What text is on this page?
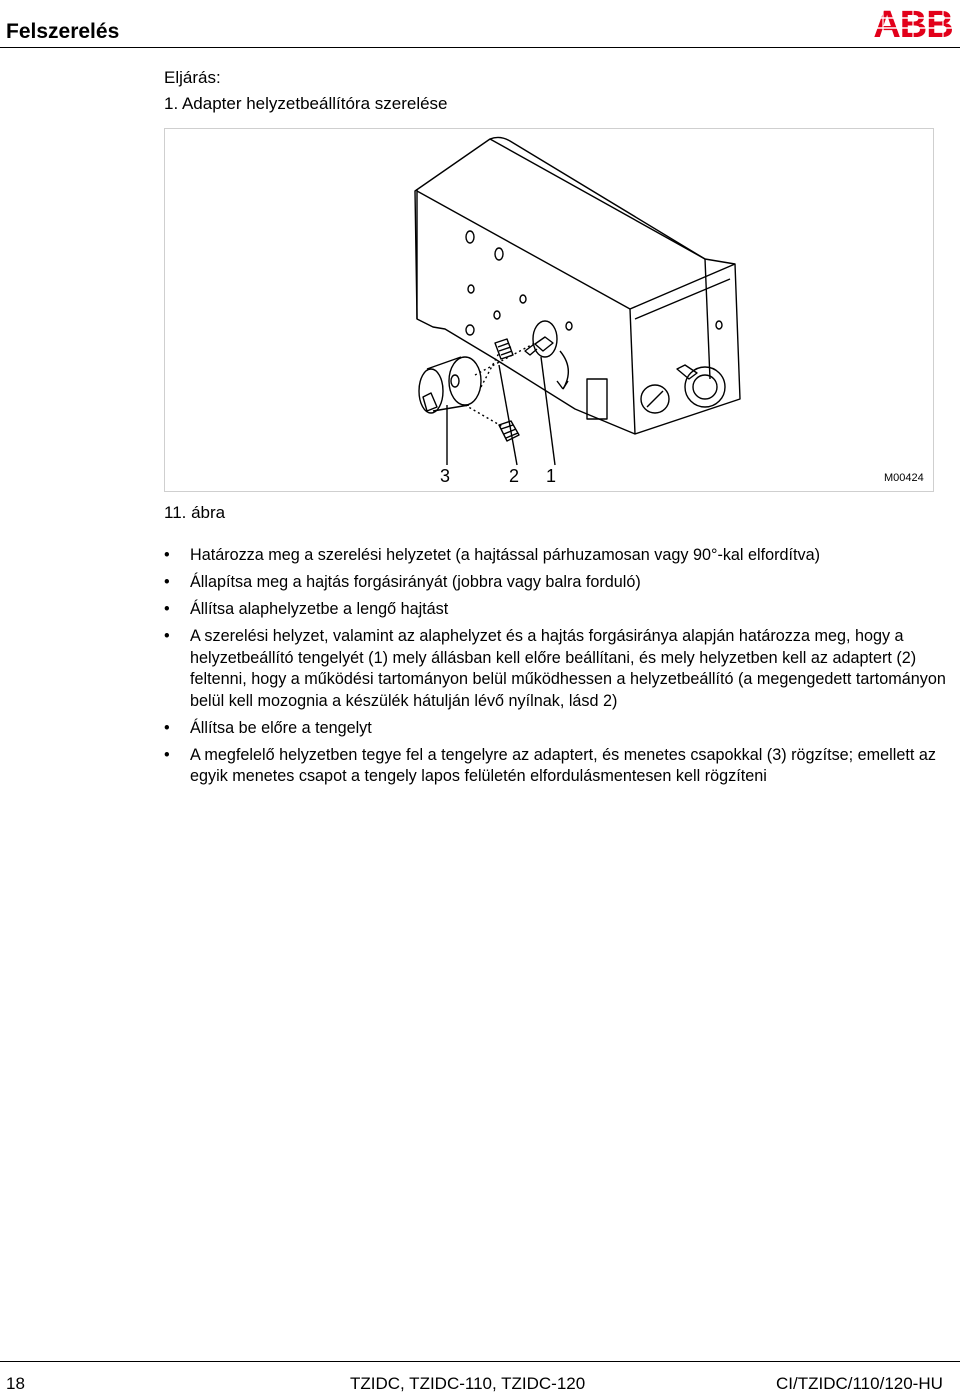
Felszerelés	ABB
Eljárás:
1. Adapter helyzetbeállítóra szerelése
3	2 1	M00424
11. ábra
• Határozza meg a szerelési helyzetet (a hajtással párhuzamosan vagy 90°-kal elfordítva)
• Állapítsa meg a hajtás forgásirányát (jobbra vagy balra forduló)
• Állítsa alaphelyzetbe a lengő hajtást
• A szerelési helyzet, valamint az alaphelyzet és a hajtás forgásiránya alapján határozza meg, hogy a helyzetbeállító tengelyét (1) mely állásban kell előre beállítani, és mely helyzetben kell az adaptert (2) feltenni, hogy a működési tartományon belül működhessen a helyzetbeállító (a megengedett tartományon belül kell mozognia a készülék hátulján lévő nyílnak, lásd 2)
• Állítsa be előre a tengelyt
• A megfelelő helyzetben tegye fel a tengelyre az adaptert, és menetes csapokkal (3) rögzítse; emellett az egyik menetes csapot a tengely lapos felületén elfordulásmentesen kell rögzíteni
18	TZIDC, TZIDC-110, TZIDC-120	CI/TZIDC/110/120-HU
